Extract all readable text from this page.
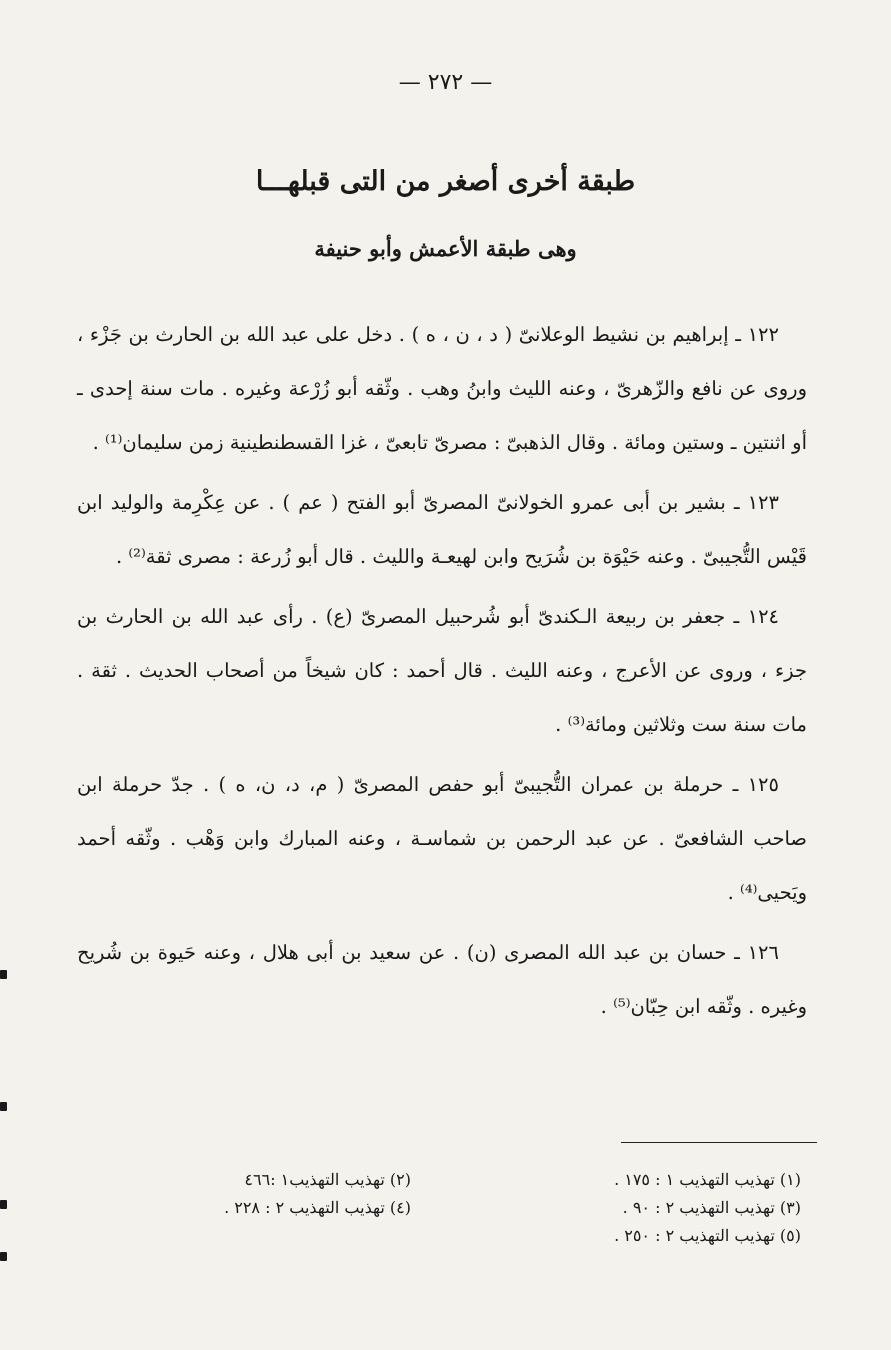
— ٢٧٢ —
طبقة أخرى أصغر من التى قبلهـــا
وهى طبقة الأعمش وأبو حنيفة

١٢٢ ـ إبراهيم بن نشيط الوعلانىّ ( د ، ن ، ه ) . دخل على عبد الله بن الحارث بن جَزْء ، وروى عن نافع والزّهرىّ ، وعنه الليث وابنُ وهب . وثّقه أبو زُرْعة وغيره . مات سنة إحدى ـ أو اثنتين ـ وستين ومائة . وقال الذهبىّ : مصرىّ تابعىّ ، غزا القسطنطينية زمن سليمان⁽¹⁾ .

١٢٣ ـ بشير بن أبى عمرو الخولانىّ المصرىّ أبو الفتح ( عم ) . عن عِكْرِمة والوليد ابن قَيْس التُّجيبىّ . وعنه حَيْوَة بن شُرَيح وابن لهيعـة والليث . قال أبو زُرعة : مصرى ثقة⁽²⁾ .

١٢٤ ـ جعفر بن ربيعة الـكندىّ أبو شُرحبيل المصرىّ (ع) . رأى عبد الله بن الحارث بن جزء ، وروى عن الأعرج ، وعنه الليث . قال أحمد : كان شيخاً من أصحاب الحديث . ثقة . مات سنة ست وثلاثين ومائة⁽³⁾ .

١٢٥ ـ حرملة بن عمران التُّجيبىّ أبو حفص المصرىّ ( م، د، ن، ه ) . جدّ حرملة ابن صاحب الشافعىّ . عن عبد الرحمن بن شماسـة ، وعنه المبارك وابن وَهْب . وثّقه أحمد ويَحيى⁽⁴⁾ .

١٢٦ ـ حسان بن عبد الله المصرى (ن) . عن سعيد بن أبى هلال ، وعنه حَيوة بن شُريح وغيره . وثّقه ابن حِبّان⁽⁵⁾ .

(١) تهذيب التهذيب ١ : ١٧٥ .
(٣) تهذيب التهذيب ٢ : ٩٠ .
(٥) تهذيب التهذيب ٢ : ٢٥٠ .
(٢) تهذيب التهذيب١ :٤٦٦
(٤) تهذيب التهذيب ٢ : ٢٢٨ .
